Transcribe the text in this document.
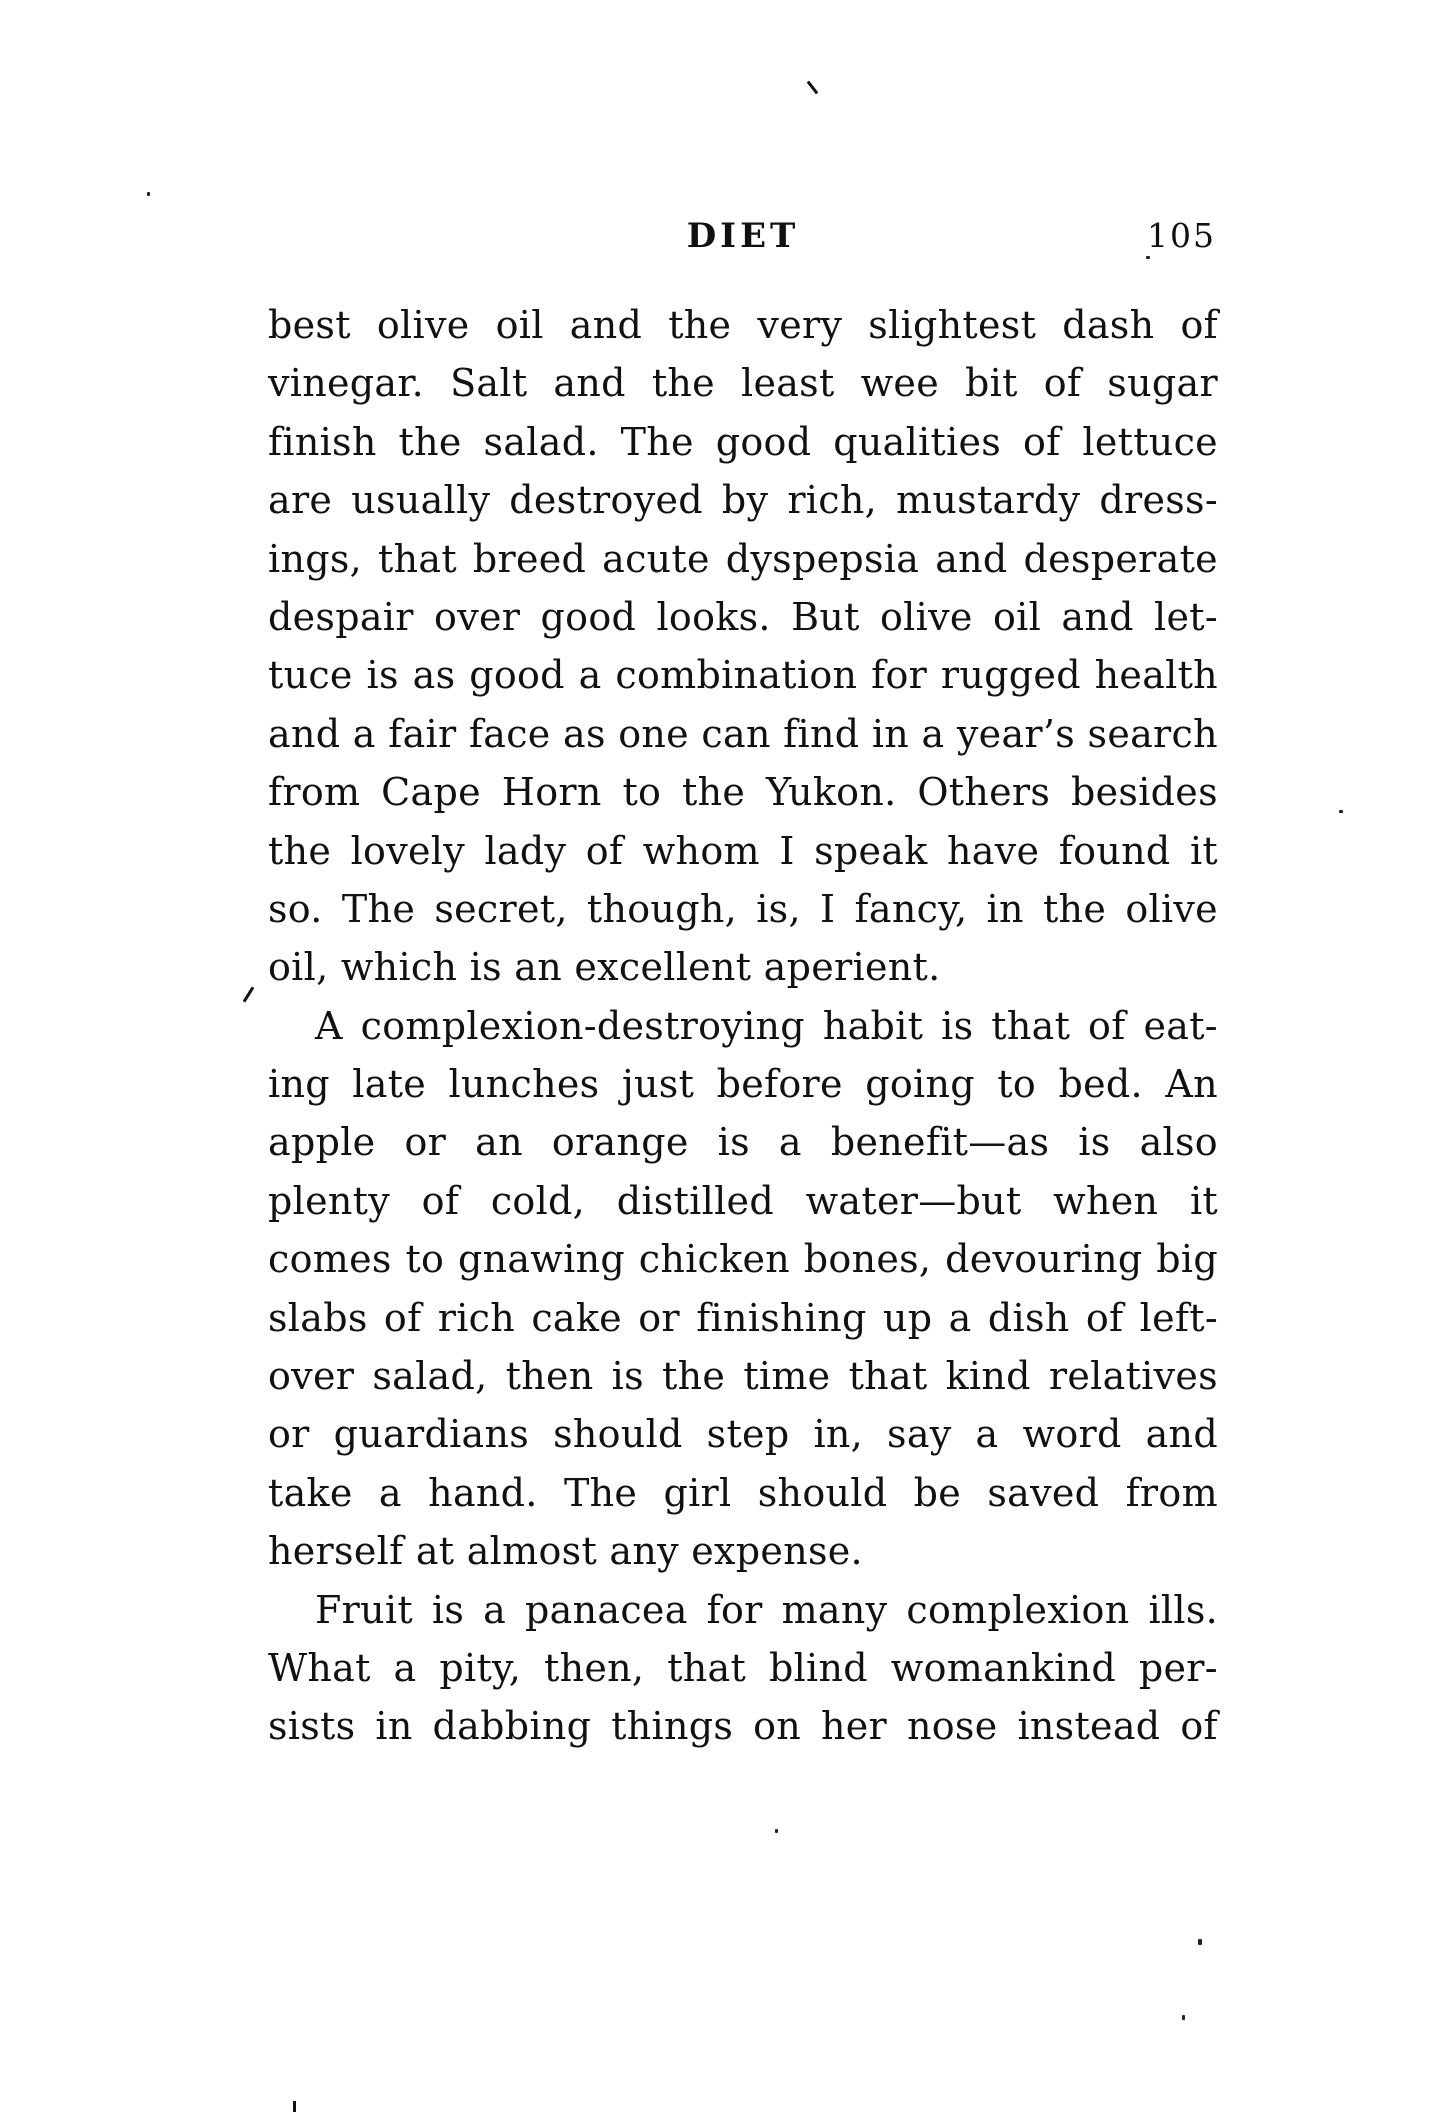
DIET	105
best olive oil and the very slightest dash of
vinegar. Salt and the least wee bit of sugar
finish the salad. The good qualities of lettuce
are usually destroyed by rich, mustardy dress-
ings, that breed acute dyspepsia and desperate
despair over good looks. But olive oil and let-
tuce is as good a combination for rugged health
and a fair face as one can find in a year’s search
from Cape Horn to the Yukon. Others besides
the lovely lady of whom I speak have found it
so. The secret, though, is, I fancy, in the olive
oil, which is an excellent aperient.
A complexion-destroying habit is that of eat-
ing late lunches just before going to bed. An
apple or an orange is a benefit—as is also
plenty of cold, distilled water—but when it
comes to gnawing chicken bones, devouring big
slabs of rich cake or finishing up a dish of left-
over salad, then is the time that kind relatives
or guardians should step in, say a word and
take a hand. The girl should be saved from
herself at almost any expense.
Fruit is a panacea for many complexion ills.
What a pity, then, that blind womankind per-
sists in dabbing things on her nose instead of
